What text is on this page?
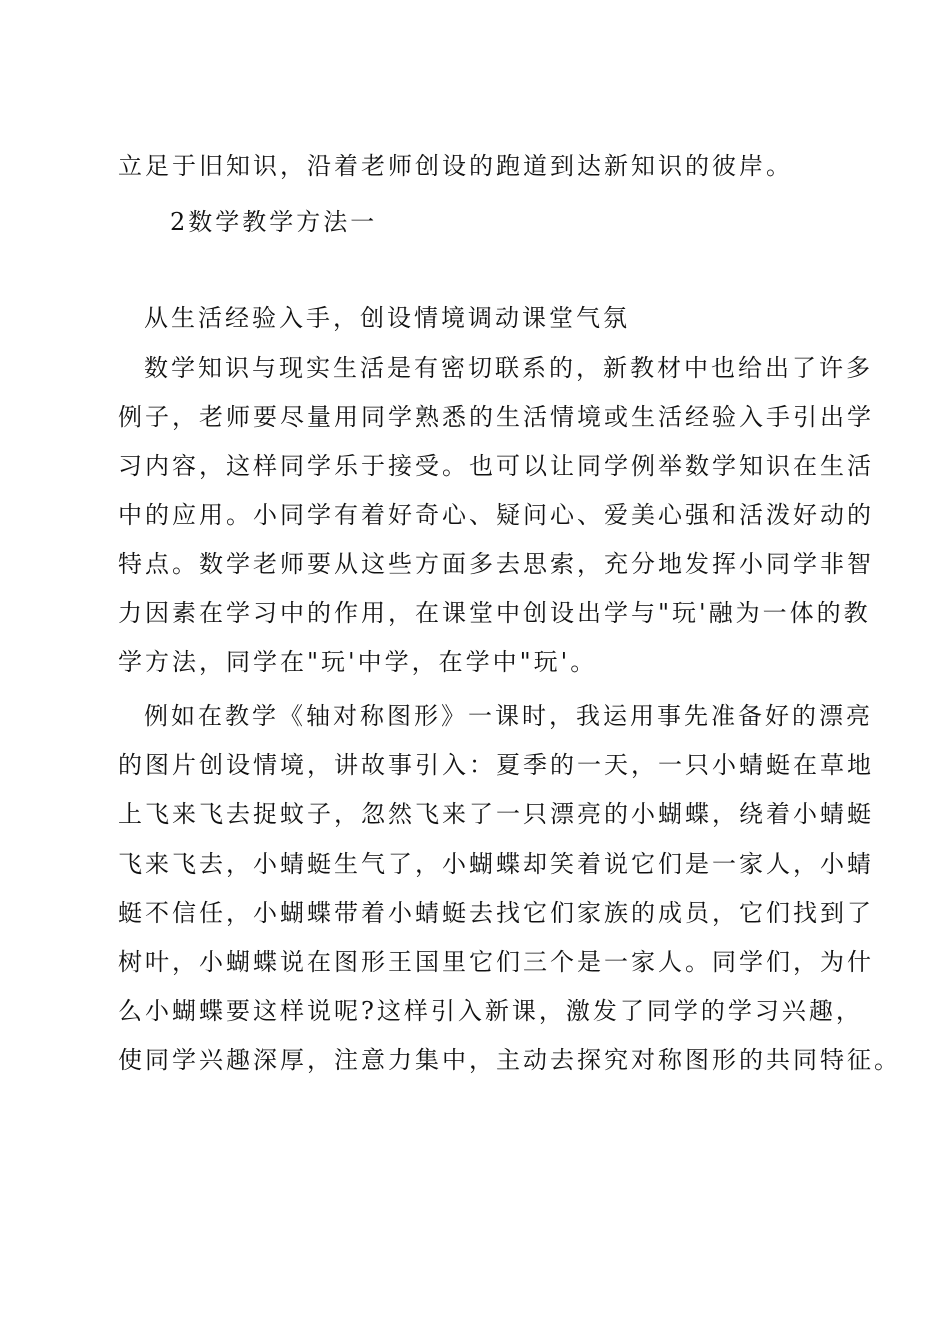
立足于旧知识，沿着老师创设的跑道到达新知识的彼岸。
2数学教学方法一
从生活经验入手，创设情境调动课堂气氛
数学知识与现实生活是有密切联系的，新教材中也给出了许多
例子，老师要尽量用同学熟悉的生活情境或生活经验入手引出学
习内容，这样同学乐于接受。也可以让同学例举数学知识在生活
中的应用。小同学有着好奇心、疑问心、爱美心强和活泼好动的
特点。数学老师要从这些方面多去思索，充分地发挥小同学非智
力因素在学习中的作用，在课堂中创设出学与"玩'融为一体的教
学方法，同学在"玩'中学，在学中"玩'。
例如在教学《轴对称图形》一课时，我运用事先准备好的漂亮
的图片创设情境，讲故事引入：夏季的一天，一只小蜻蜓在草地
上飞来飞去捉蚊子，忽然飞来了一只漂亮的小蝴蝶，绕着小蜻蜓
飞来飞去，小蜻蜓生气了，小蝴蝶却笑着说它们是一家人，小蜻
蜓不信任，小蝴蝶带着小蜻蜓去找它们家族的成员，它们找到了
树叶，小蝴蝶说在图形王国里它们三个是一家人。同学们，为什
么小蝴蝶要这样说呢?这样引入新课，激发了同学的学习兴趣，
使同学兴趣深厚，注意力集中，主动去探究对称图形的共同特征。
